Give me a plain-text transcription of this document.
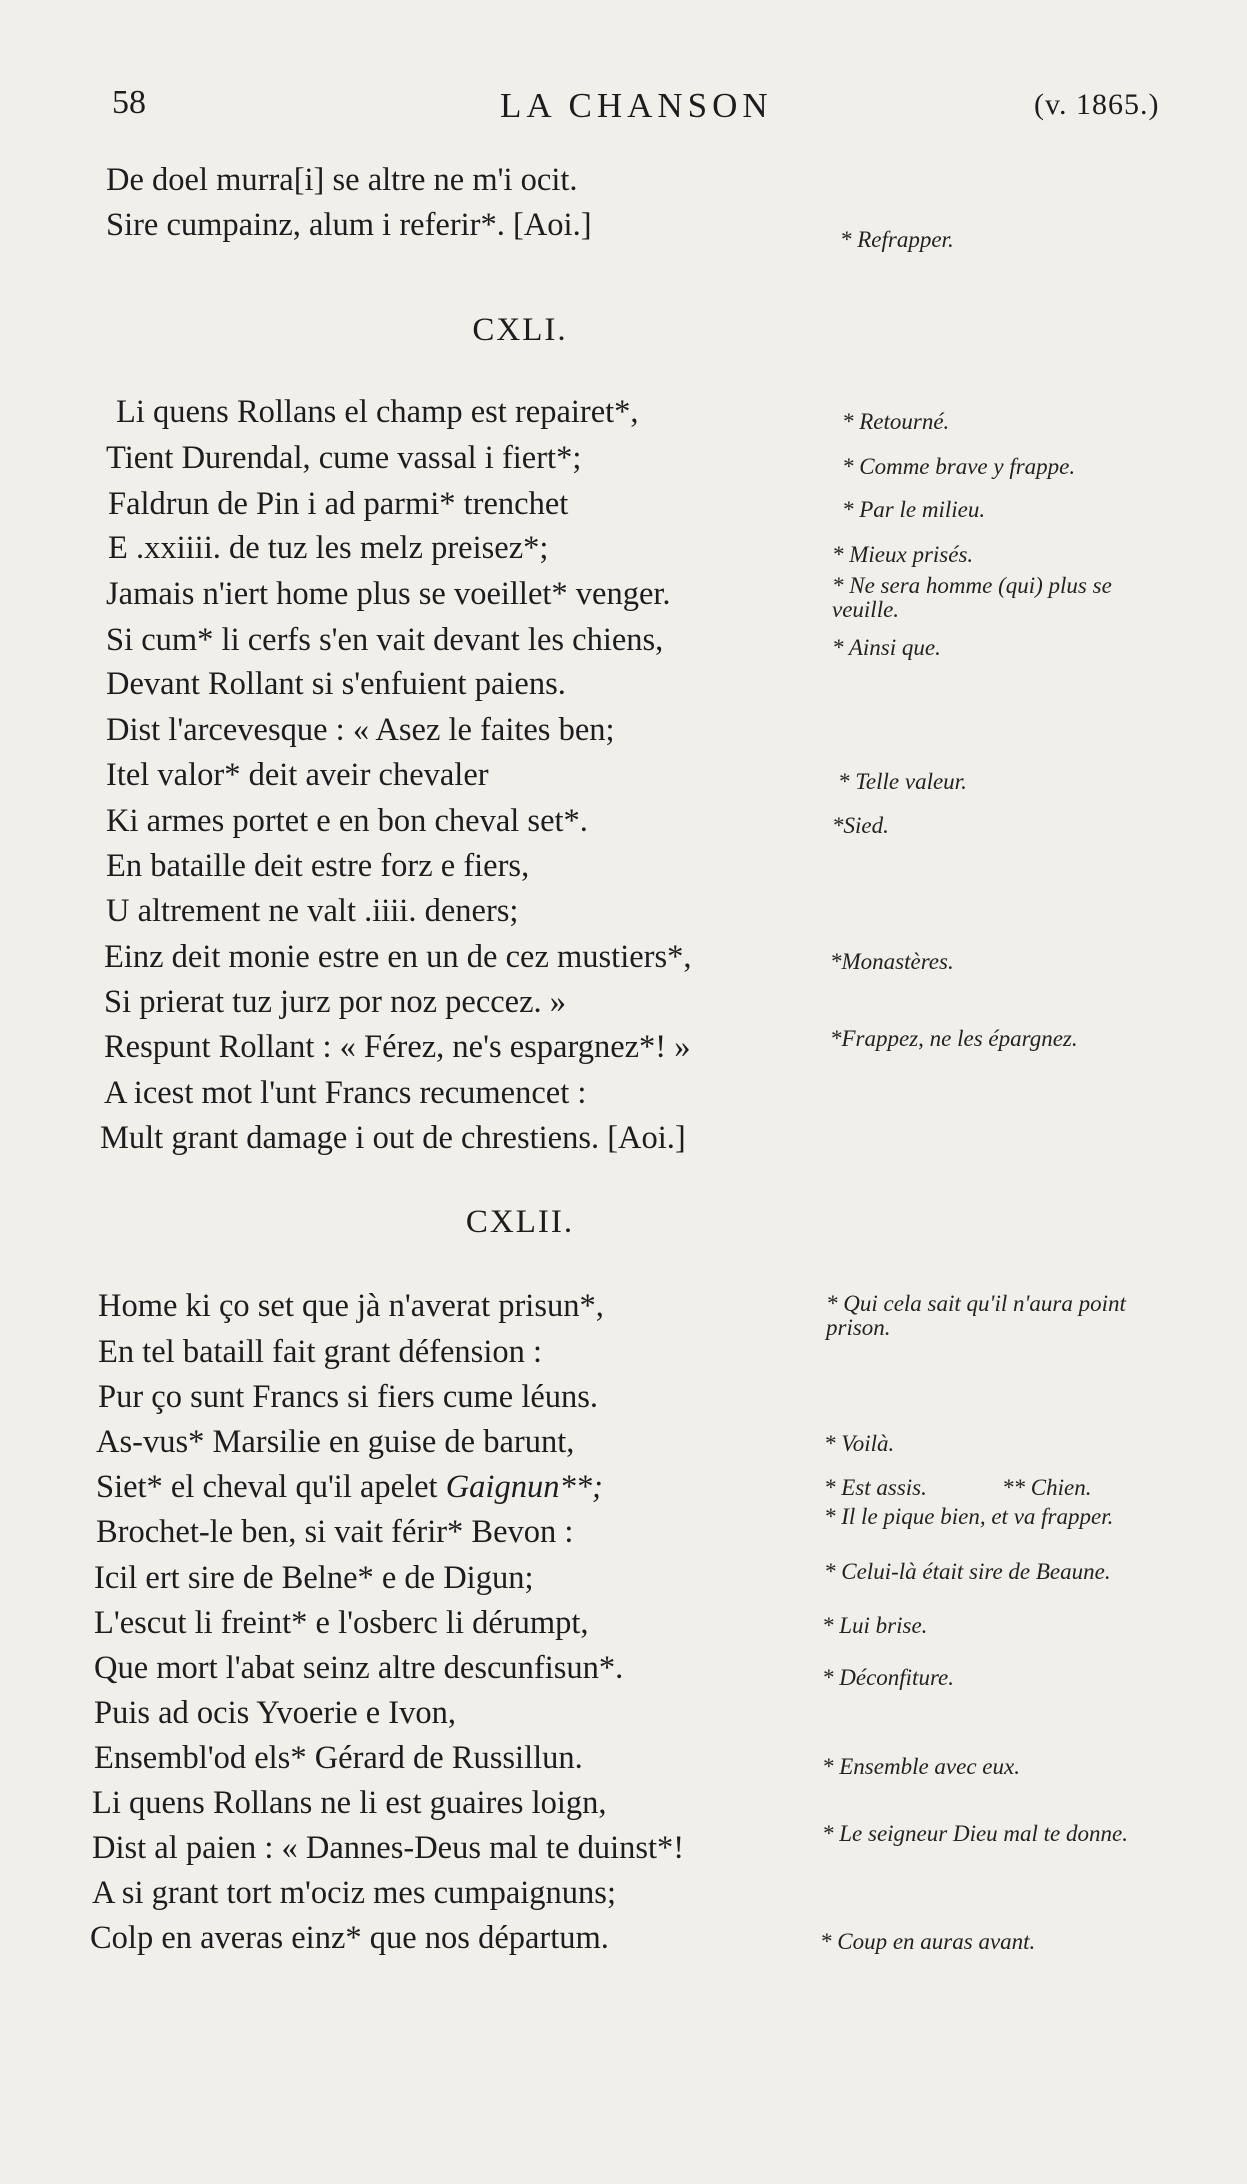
58	LA CHANSON	(v. 1865.)
De doel murra[i] se altre ne m'i ocit.
Sire cumpainz, alum i referir*. [Aoi.]	* Refrapper.
CXLI.
Li quens Rollans el champ est repairet*,
Tient Durendal, cume vassal i fiert*;
Faldrun de Pin i ad parmi* trenchet
E .xxiiii. de tuz les melz preisez*;
Jamais n'iert home plus se voeillet* venger.
Si cum* li cerfs s'en vait devant les chiens,
Devant Rollant si s'enfuient paiens.
Dist l'arcevesque : « Asez le faites ben;
Itel valor* deit aveir chevaler
Ki armes portet e en bon cheval set*.
En bataille deit estre forz e fiers,
U altrement ne valt .iiii. deners;
Einz deit monie estre en un de cez mustiers*,
Si prierat tuz jurz por noz peccez. »
Respunt Rollant : « Férez, ne's espargnez*! »
A icest mot l'unt Francs recumencet :
Mult grant damage i out de chrestiens. [Aoi.]
* Retourné.
* Comme brave y frappe.
* Par le milieu.
* Mieux prisés.
* Ne sera homme (qui) plus se veuille.
* Ainsi que.
* Telle valeur.
*Sied.
*Monastères.
*Frappez, ne les épargnez.
CXLII.
Home ki ço set que jà n'averat prisun*,
En tel bataill fait grant défension :
Pur ço sunt Francs si fiers cume léuns.
As-vus* Marsilie en guise de barunt,
Siet* el cheval qu'il apelet Gaignun**;
Brochet-le ben, si vait férir* Bevon :
Icil ert sire de Belne* e de Digun;
L'escut li freint* e l'osberc li dérumpt,
Que mort l'abat seinz altre descunfisun*.
Puis ad ocis Yvoerie e Ivon,
Ensembl'od els* Gérard de Russillun.
Li quens Rollans ne li est guaires loign,
Dist al paien : « Dannes-Deus mal te duinst*!
A si grant tort m'ociz mes cumpaignuns;
Colp en averas einz* que nos départum.
* Qui cela sait qu'il n'aura point prison.
* Voilà.
* Est assis.	** Chien.
* Il le pique bien, et va frapper.
* Celui-là était sire de Beaune.
* Lui brise.
* Déconfiture.
* Ensemble avec eux.
* Le seigneur Dieu mal te donne.
* Coup en auras avant.
